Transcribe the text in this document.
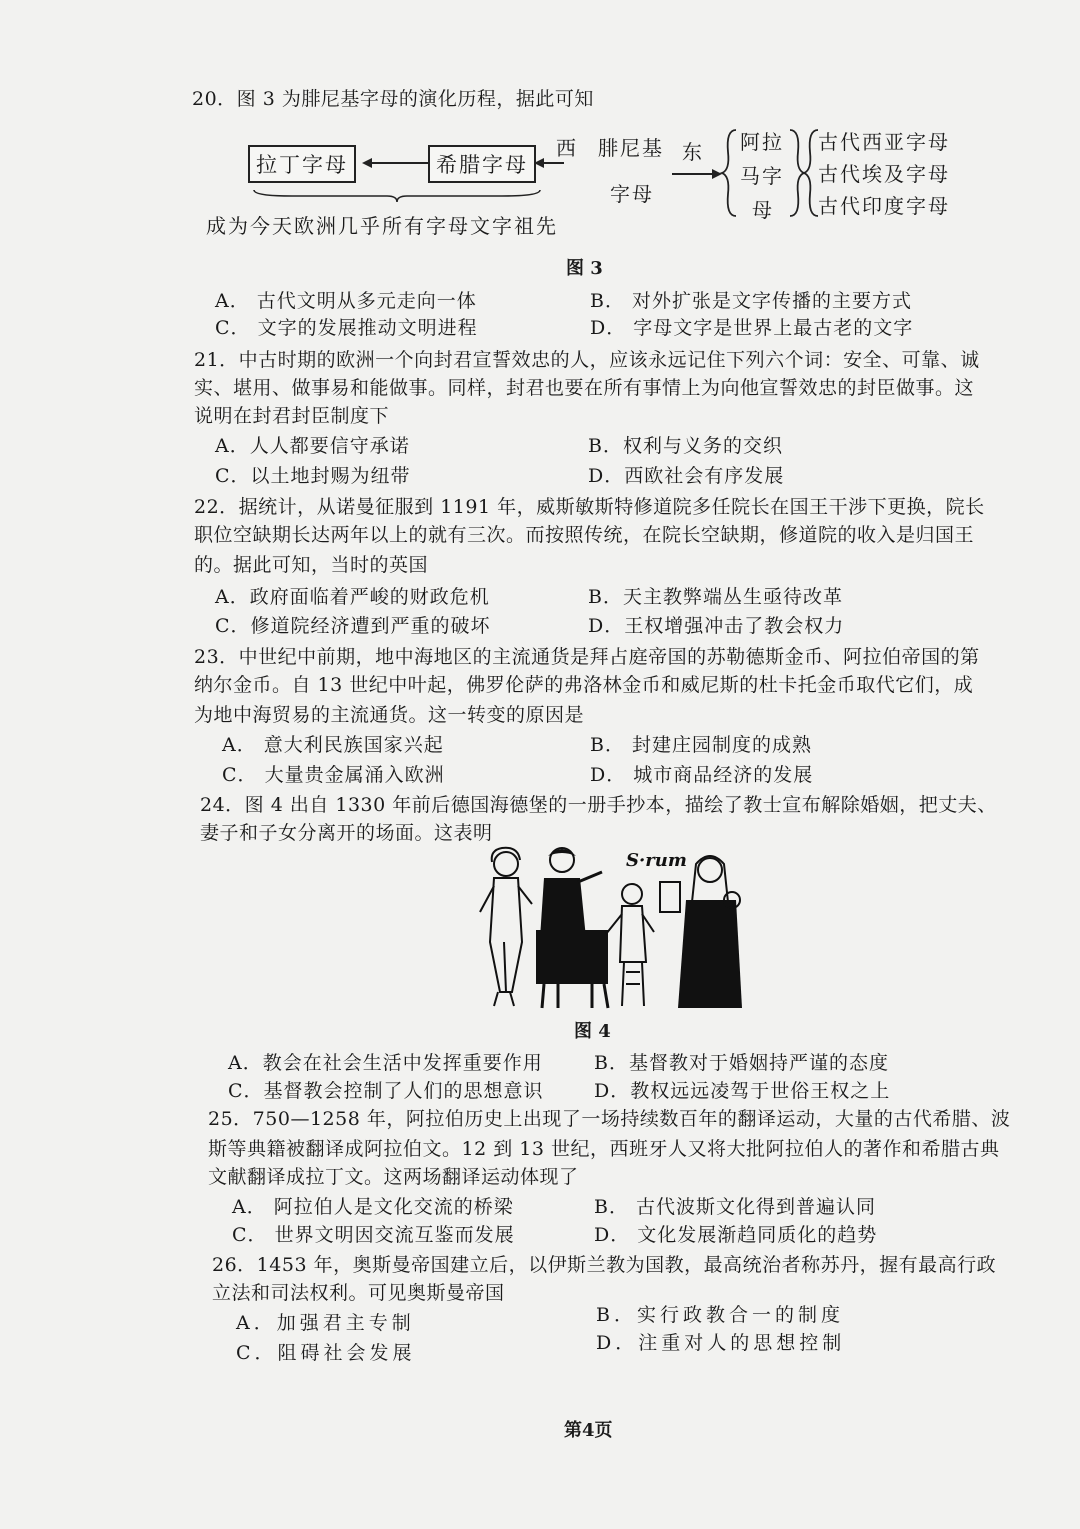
20．图 3 为腓尼基字母的演化历程，据此可知
拉丁字母	希腊字母
西 腓尼基
字母
东 阿拉
马字
母
古代西亚字母
古代埃及字母
古代印度字母
成为今天欧洲几乎所有字母文字祖先
图 3
A． 古代文明从多元走向一体	B． 对外扩张是文字传播的主要方式
C． 文字的发展推动文明进程	D． 字母文字是世界上最古老的文字
21．中古时期的欧洲一个向封君宣誓效忠的人，应该永远记住下列六个词：安全、可靠、诚
实、堪用、做事易和能做事。同样，封君也要在所有事情上为向他宣誓效忠的封臣做事。这
说明在封君封臣制度下
A．人人都要信守承诺	B．权利与义务的交织
C．以土地封赐为纽带	D．西欧社会有序发展
22．据统计，从诺曼征服到 1191 年，威斯敏斯特修道院多任院长在国王干涉下更换，院长
职位空缺期长达两年以上的就有三次。而按照传统，在院长空缺期，修道院的收入是归国王
的。据此可知，当时的英国
A．政府面临着严峻的财政危机	B．天主教弊端丛生亟待改革
C．修道院经济遭到严重的破坏	D．王权增强冲击了教会权力
23．中世纪中前期，地中海地区的主流通货是拜占庭帝国的苏勒德斯金币、阿拉伯帝国的第
纳尔金币。自 13 世纪中叶起，佛罗伦萨的弗洛林金币和威尼斯的杜卡托金币取代它们，成
为地中海贸易的主流通货。这一转变的原因是
A． 意大利民族国家兴起	B． 封建庄园制度的成熟
C． 大量贵金属涌入欧洲	D． 城市商品经济的发展
24．图 4 出自 1330 年前后德国海德堡的一册手抄本，描绘了教士宣布解除婚姻，把丈夫、
妻子和子女分离开的场面。这表明
S·rum
图 4
A．教会在社会生活中发挥重要作用	B．基督教对于婚姻持严谨的态度
C．基督教会控制了人们的思想意识	D．教权远远凌驾于世俗王权之上
25．750—1258 年，阿拉伯历史上出现了一场持续数百年的翻译运动，大量的古代希腊、波
斯等典籍被翻译成阿拉伯文。12 到 13 世纪，西班牙人又将大批阿拉伯人的著作和希腊古典
文献翻译成拉丁文。这两场翻译运动体现了
A． 阿拉伯人是文化交流的桥梁	B． 古代波斯文化得到普遍认同
C． 世界文明因交流互鉴而发展	D． 文化发展渐趋同质化的趋势
26．1453 年，奥斯曼帝国建立后，以伊斯兰教为国教，最高统治者称苏丹，握有最高行政
立法和司法权利。可见奥斯曼帝国
A．加强君主专制	B．实行政教合一的制度
C．阻碍社会发展	D．注重对人的思想控制
第4页
